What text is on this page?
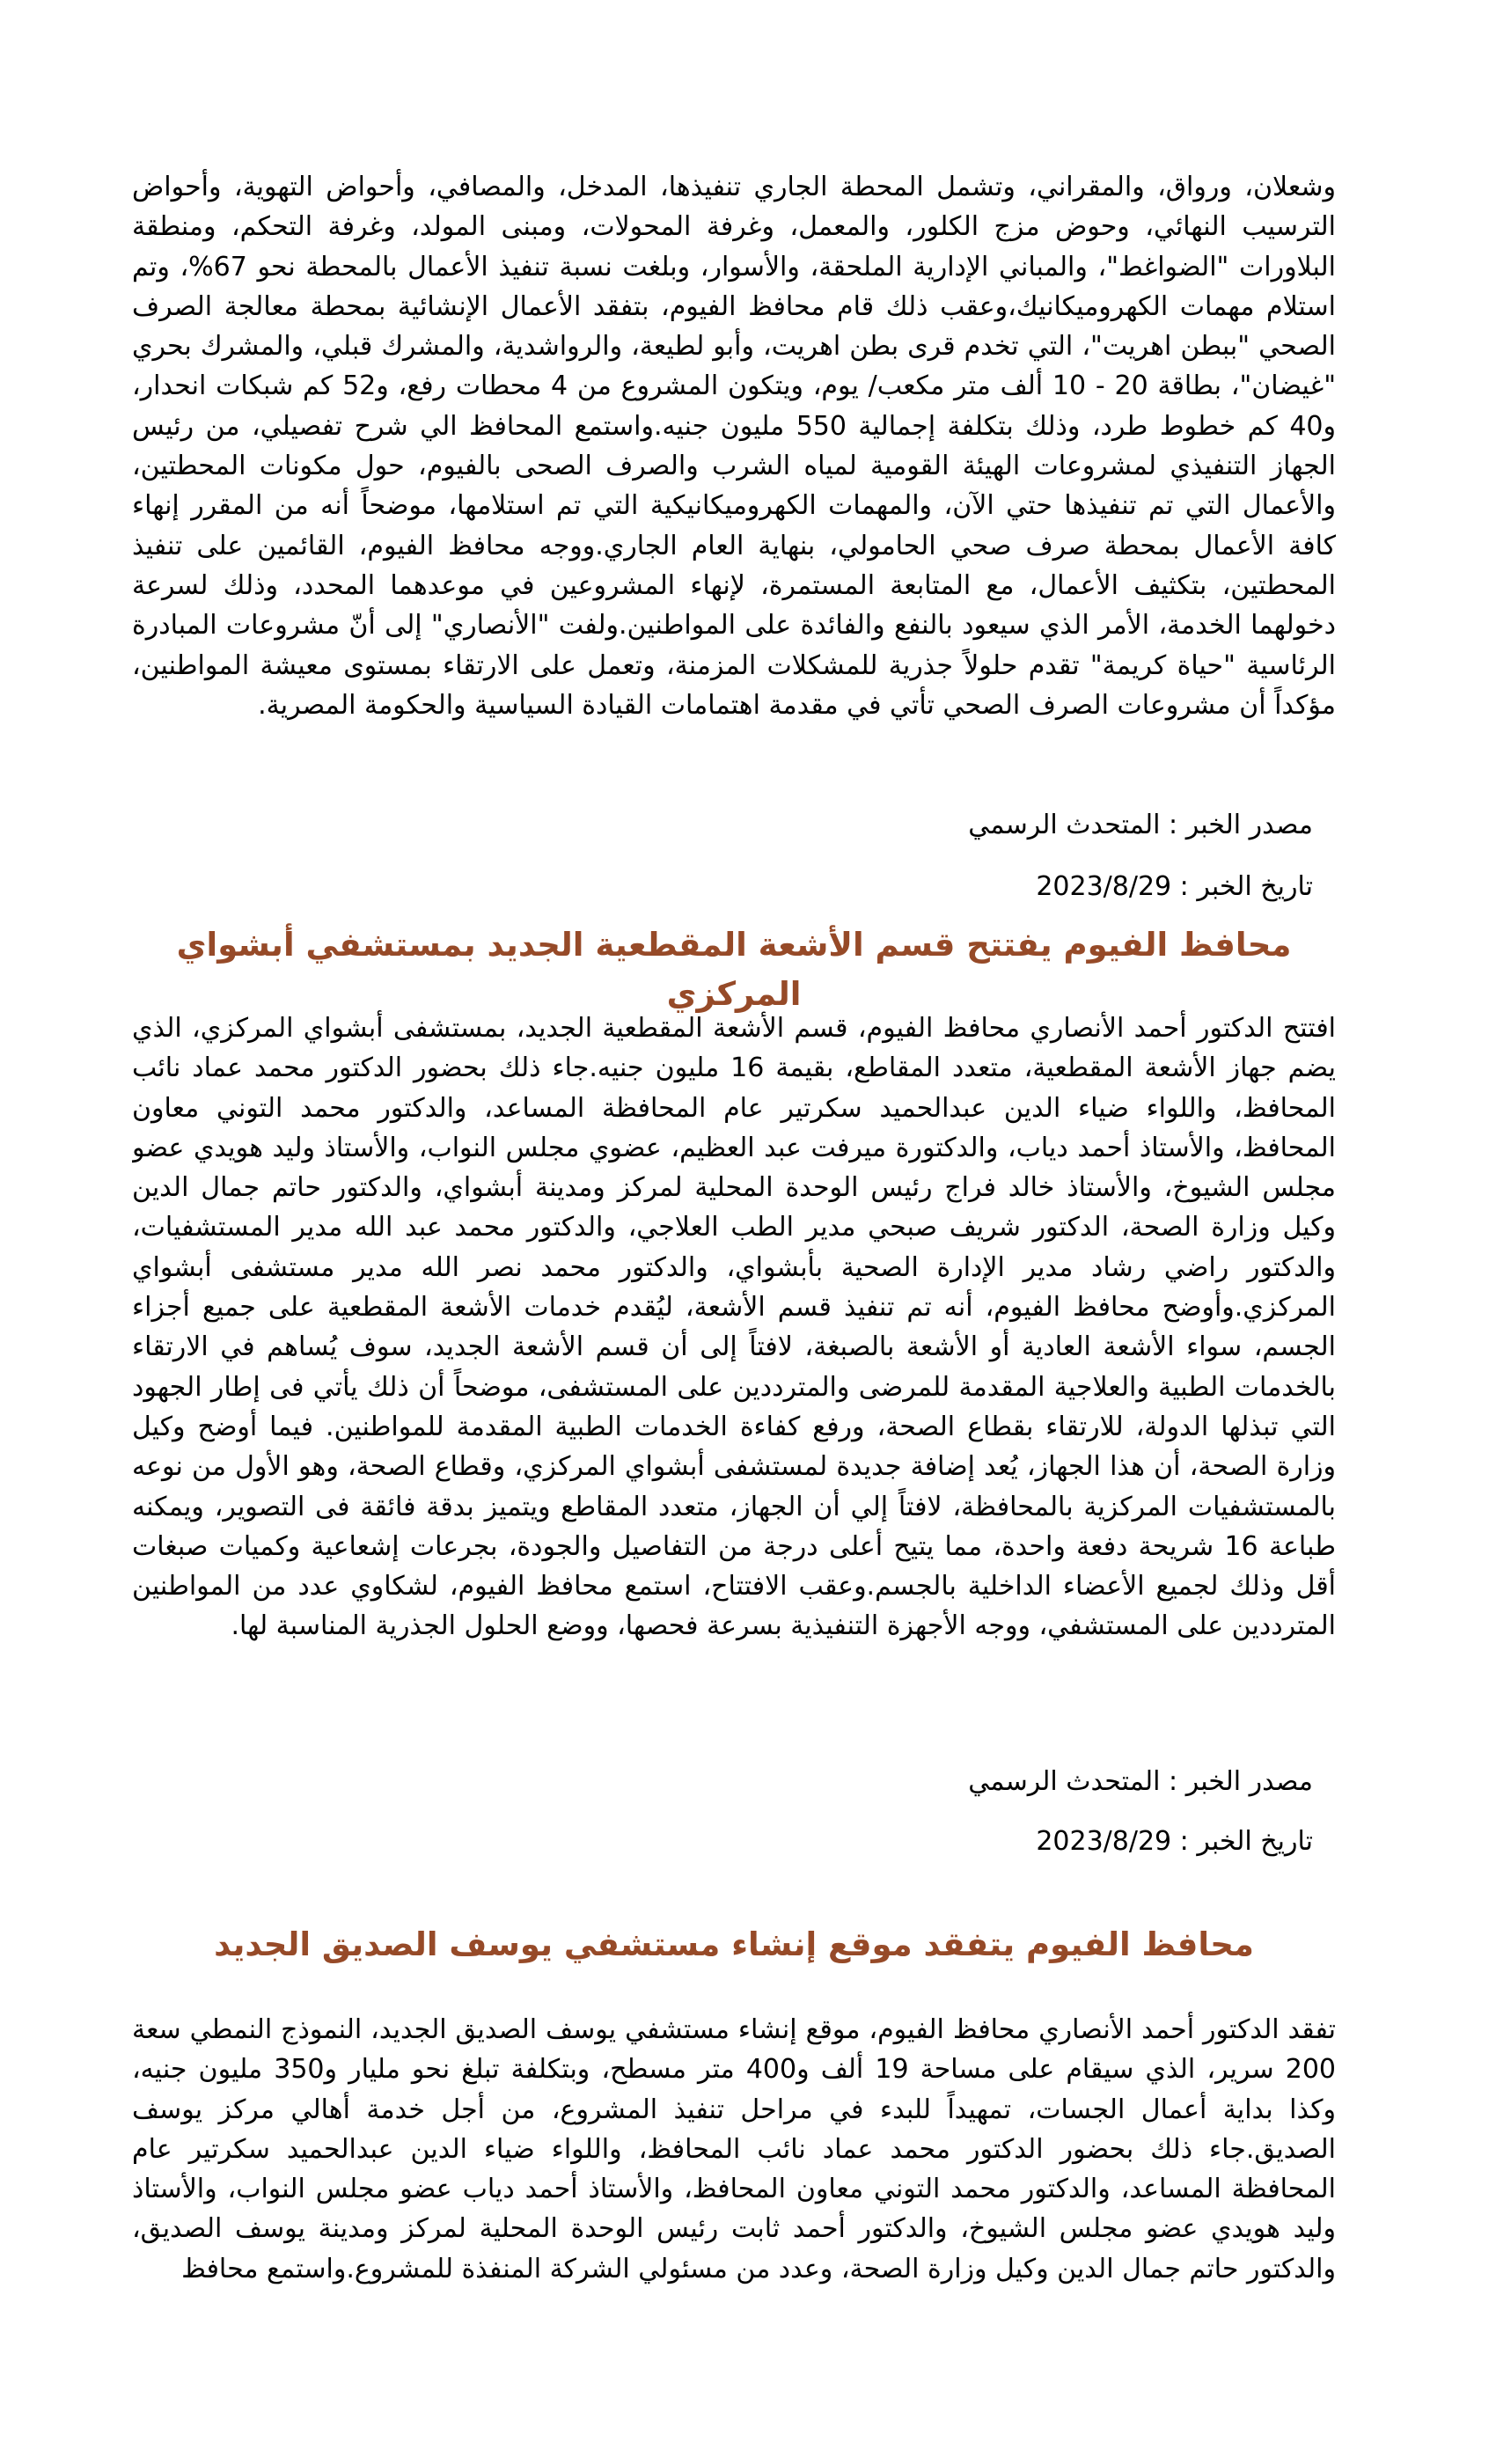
وشعلان، ورواق، والمقراني، وتشمل المحطة الجاري تنفيذها، المدخل، والمصافي، وأحواض التهوية، وأحواض الترسيب النهائي، وحوض مزج الكلور، والمعمل، وغرفة المحولات، ومبنى المولد، وغرفة التحكم، ومنطقة البلاورات "الضواغط"، والمباني الإدارية الملحقة، والأسوار، وبلغت نسبة تنفيذ الأعمال بالمحطة نحو 67%، وتم استلام مهمات الكهروميكانيك،وعقب ذلك قام محافظ الفيوم، بتفقد الأعمال الإنشائية بمحطة معالجة الصرف الصحي "ببطن اهريت"، التي تخدم قرى بطن اهريت، وأبو لطيعة، والرواشدية، والمشرك قبلي، والمشرك بحري "غيضان"، بطاقة ‪10 - 20‬ ألف متر مكعب/ يوم، ويتكون المشروع من 4 محطات رفع، و52 كم شبكات انحدار، و40 كم خطوط طرد، وذلك بتكلفة إجمالية 550 مليون جنيه.واستمع المحافظ الي شرح تفصيلي، من رئيس الجهاز التنفيذي لمشروعات الهيئة القومية لمياه الشرب والصرف الصحى بالفيوم، حول مكونات المحطتين، والأعمال التي تم تنفيذها حتي الآن، والمهمات الكهروميكانيكية التي تم استلامها، موضحاً أنه من المقرر إنهاء كافة الأعمال بمحطة صرف صحي الحامولي، بنهاية العام الجاري.ووجه محافظ الفيوم، القائمين على تنفيذ المحطتين، بتكثيف الأعمال، مع المتابعة المستمرة، لإنهاء المشروعين في موعدهما المحدد، وذلك لسرعة دخولهما الخدمة، الأمر الذي سيعود بالنفع والفائدة على المواطنين.ولفت "الأنصاري" إلى أنّ مشروعات المبادرة الرئاسية "حياة كريمة" تقدم حلولاً جذرية للمشكلات المزمنة، وتعمل على الارتقاء بمستوى معيشة المواطنين، مؤكداً أن مشروعات الصرف الصحي تأتي في مقدمة اهتمامات القيادة السياسية والحكومة المصرية.
مصدر الخبر : المتحدث الرسمي
تاريخ الخبر : 2023/8/29
محافظ الفيوم يفتتح قسم الأشعة المقطعية الجديد بمستشفي أبشواي المركزي
افتتح الدكتور أحمد الأنصاري محافظ الفيوم، قسم الأشعة المقطعية الجديد، بمستشفى أبشواي المركزي، الذي يضم جهاز الأشعة المقطعية، متعدد المقاطع، بقيمة 16 مليون جنيه.جاء ذلك بحضور الدكتور محمد عماد نائب المحافظ، واللواء ضياء الدين عبدالحميد سكرتير عام المحافظة المساعد، والدكتور محمد التوني معاون المحافظ، والأستاذ أحمد دياب، والدكتورة ميرفت عبد العظيم، عضوي مجلس النواب، والأستاذ وليد هويدي عضو مجلس الشيوخ، والأستاذ خالد فراج رئيس الوحدة المحلية لمركز ومدينة أبشواي، والدكتور حاتم جمال الدين وكيل وزارة الصحة، الدكتور شريف صبحي مدير الطب العلاجي، والدكتور محمد عبد الله مدير المستشفيات، والدكتور راضي رشاد مدير الإدارة الصحية بأبشواي، والدكتور محمد نصر الله مدير مستشفى أبشواي المركزي.وأوضح محافظ الفيوم، أنه تم تنفيذ قسم الأشعة، ليُقدم خدمات الأشعة المقطعية على جميع أجزاء الجسم، سواء الأشعة العادية أو الأشعة بالصبغة، لافتاً إلى أن قسم الأشعة الجديد، سوف يُساهم في الارتقاء بالخدمات الطبية والعلاجية المقدمة للمرضى والمترددين على المستشفى، موضحاً أن ذلك يأتي فى إطار الجهود التي تبذلها الدولة، للارتقاء بقطاع الصحة، ورفع كفاءة الخدمات الطبية المقدمة للمواطنين. فيما أوضح وكيل وزارة الصحة، أن هذا الجهاز، يُعد إضافة جديدة لمستشفى أبشواي المركزي، وقطاع الصحة، وهو الأول من نوعه بالمستشفيات المركزية بالمحافظة، لافتاً إلي أن الجهاز، متعدد المقاطع ويتميز بدقة فائقة فى التصوير، ويمكنه طباعة 16 شريحة دفعة واحدة، مما يتيح أعلى درجة من التفاصيل والجودة، بجرعات إشعاعية وكميات صبغات أقل وذلك لجميع الأعضاء الداخلية بالجسم.وعقب الافتتاح، استمع محافظ الفيوم، لشكاوي عدد من المواطنين المترددين على المستشفي، ووجه الأجهزة التنفيذية بسرعة فحصها، ووضع الحلول الجذرية المناسبة لها.
مصدر الخبر : المتحدث الرسمي
تاريخ الخبر : 2023/8/29
محافظ الفيوم يتفقد موقع إنشاء مستشفي يوسف الصديق الجديد
تفقد الدكتور أحمد الأنصاري محافظ الفيوم، موقع إنشاء مستشفي يوسف الصديق الجديد، النموذج النمطي سعة 200 سرير، الذي سيقام على مساحة 19 ألف و400 متر مسطح، وبتكلفة تبلغ نحو مليار و350 مليون جنيه، وكذا بداية أعمال الجسات، تمهيداً للبدء في مراحل تنفيذ المشروع، من أجل خدمة أهالي مركز يوسف الصديق.جاء ذلك بحضور الدكتور محمد عماد نائب المحافظ، واللواء ضياء الدين عبدالحميد سكرتير عام المحافظة المساعد، والدكتور محمد التوني معاون المحافظ، والأستاذ أحمد دياب عضو مجلس النواب، والأستاذ وليد هويدي عضو مجلس الشيوخ، والدكتور أحمد ثابت رئيس الوحدة المحلية لمركز ومدينة يوسف الصديق، والدكتور حاتم جمال الدين وكيل وزارة الصحة، وعدد من مسئولي الشركة المنفذة للمشروع.واستمع محافظ
